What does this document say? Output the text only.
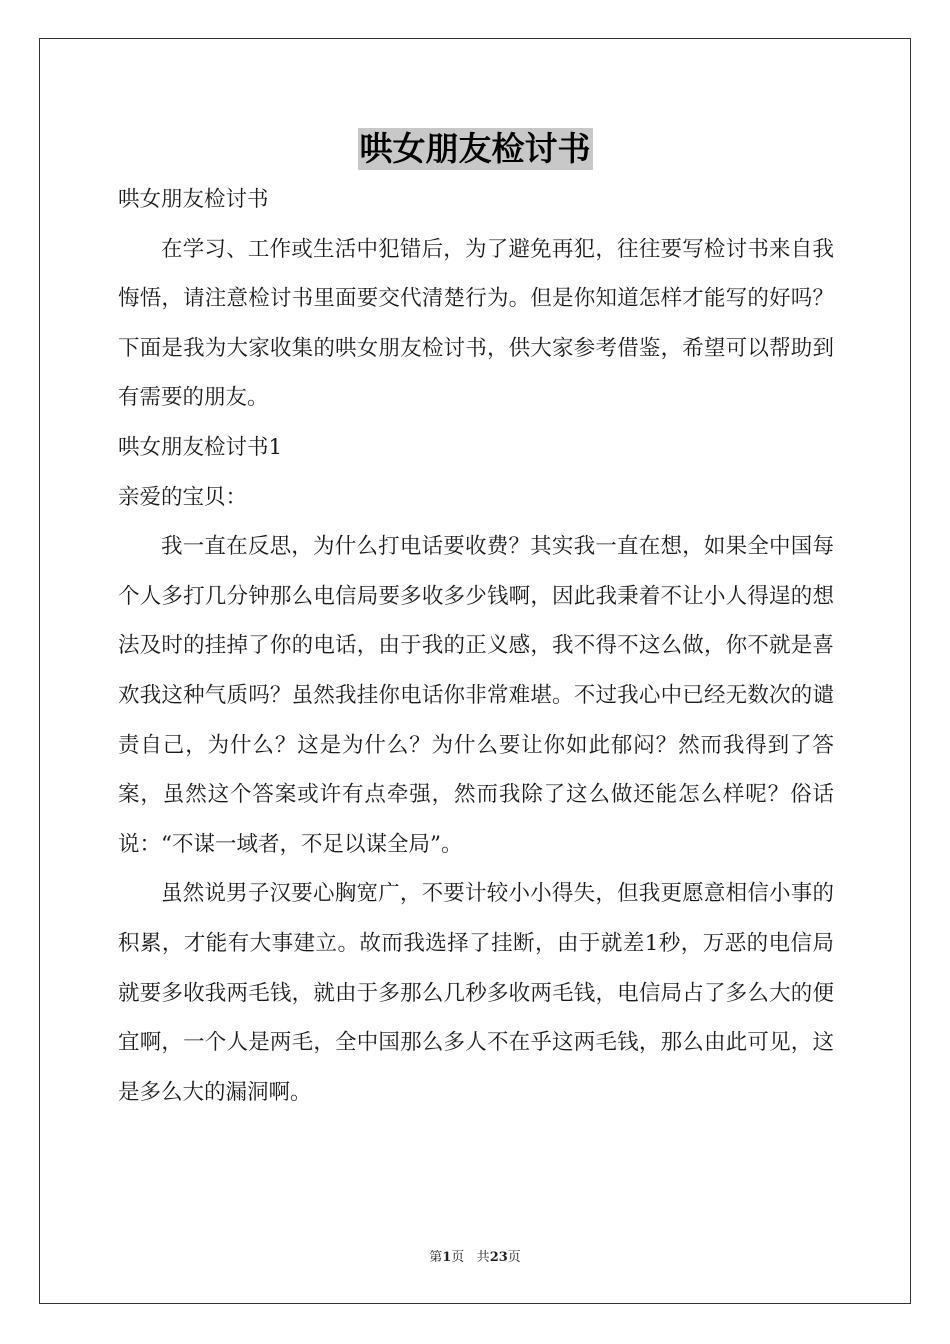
哄女朋友检讨书

哄女朋友检讨书

在学习、工作或生活中犯错后，为了避免再犯，往往要写检讨书来自我悔悟，请注意检讨书里面要交代清楚行为。但是你知道怎样才能写的好吗？下面是我为大家收集的哄女朋友检讨书，供大家参考借鉴，希望可以帮助到有需要的朋友。

哄女朋友检讨书1

亲爱的宝贝：

我一直在反思，为什么打电话要收费？其实我一直在想，如果全中国每个人多打几分钟那么电信局要多收多少钱啊，因此我秉着不让小人得逞的想法及时的挂掉了你的电话，由于我的正义感，我不得不这么做，你不就是喜欢我这种气质吗？虽然我挂你电话你非常难堪。不过我心中已经无数次的谴责自己，为什么？这是为什么？为什么要让你如此郁闷？然而我得到了答案，虽然这个答案或许有点牵强，然而我除了这么做还能怎么样呢？俗话说：“不谋一域者，不足以谋全局”。

虽然说男子汉要心胸宽广，不要计较小小得失，但我更愿意相信小事的积累，才能有大事建立。故而我选择了挂断，由于就差1秒，万恶的电信局就要多收我两毛钱，就由于多那么几秒多收两毛钱，电信局占了多么大的便宜啊，一个人是两毛，全中国那么多人不在乎这两毛钱，那么由此可见，这是多么大的漏洞啊。

第1页 共23页
